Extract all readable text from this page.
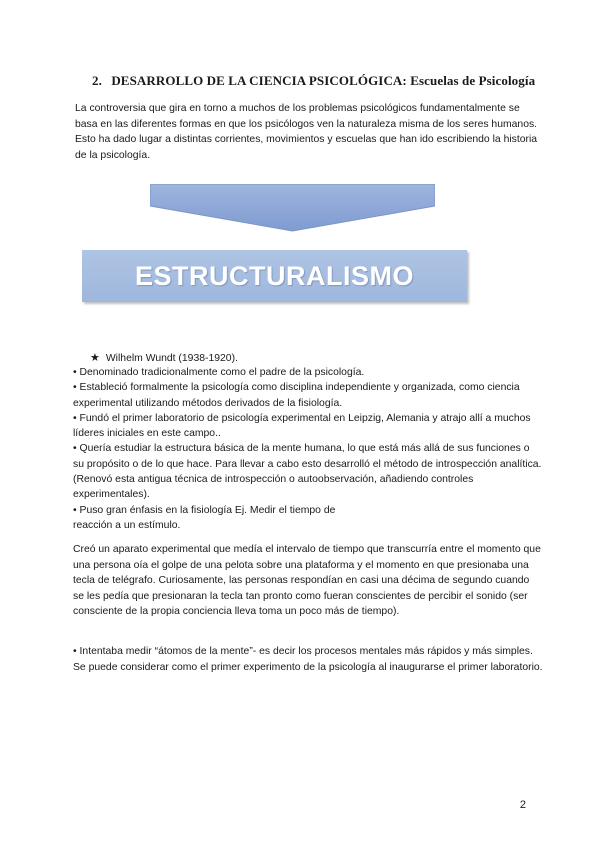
2. DESARROLLO DE LA CIENCIA PSICOLÓGICA: Escuelas de Psicología
La controversia que gira en torno a muchos de los problemas psicológicos fundamentalmente se basa en las diferentes formas en que los psicólogos ven la naturaleza misma de los seres humanos. Esto ha dado lugar a distintas corrientes, movimientos y escuelas que han ido escribiendo la historia de la psicología.
ESTRUCTURALISMO
★ Wilhelm Wundt (1938-1920).

• Denominado tradicionalmente como el padre de la psicología.

• Estableció formalmente la psicología como disciplina independiente y organizada, como ciencia experimental utilizando métodos derivados de la fisiología.

• Fundó el primer laboratorio de psicología experimental en Leipzig, Alemania y atrajo allí a muchos líderes iniciales en este campo..

• Quería estudiar la estructura básica de la mente humana, lo que está más allá de sus funciones o su propósito o de lo que hace. Para llevar a cabo esto desarrolló el método de introspección analítica. (Renovó esta antigua técnica de introspección o autoobservación, añadiendo controles experimentales).

• Puso gran énfasis en la fisiología Ej. Medir el tiempo de reacción a un estímulo.

Creó un aparato experimental que medía el intervalo de tiempo que transcurría entre el momento que una persona oía el golpe de una pelota sobre una plataforma y el momento en que presionaba una tecla de telégrafo. Curiosamente, las personas respondían en casi una décima de segundo cuando se les pedía que presionaran la tecla tan pronto como fueran conscientes de percibir el sonido (ser consciente de la propia conciencia lleva toma un poco más de tiempo).

• Intentaba medir “átomos de la mente”- es decir los procesos mentales más rápidos y más simples. Se puede considerar como el primer experimento de la psicología al inaugurarse el primer laboratorio.

2
